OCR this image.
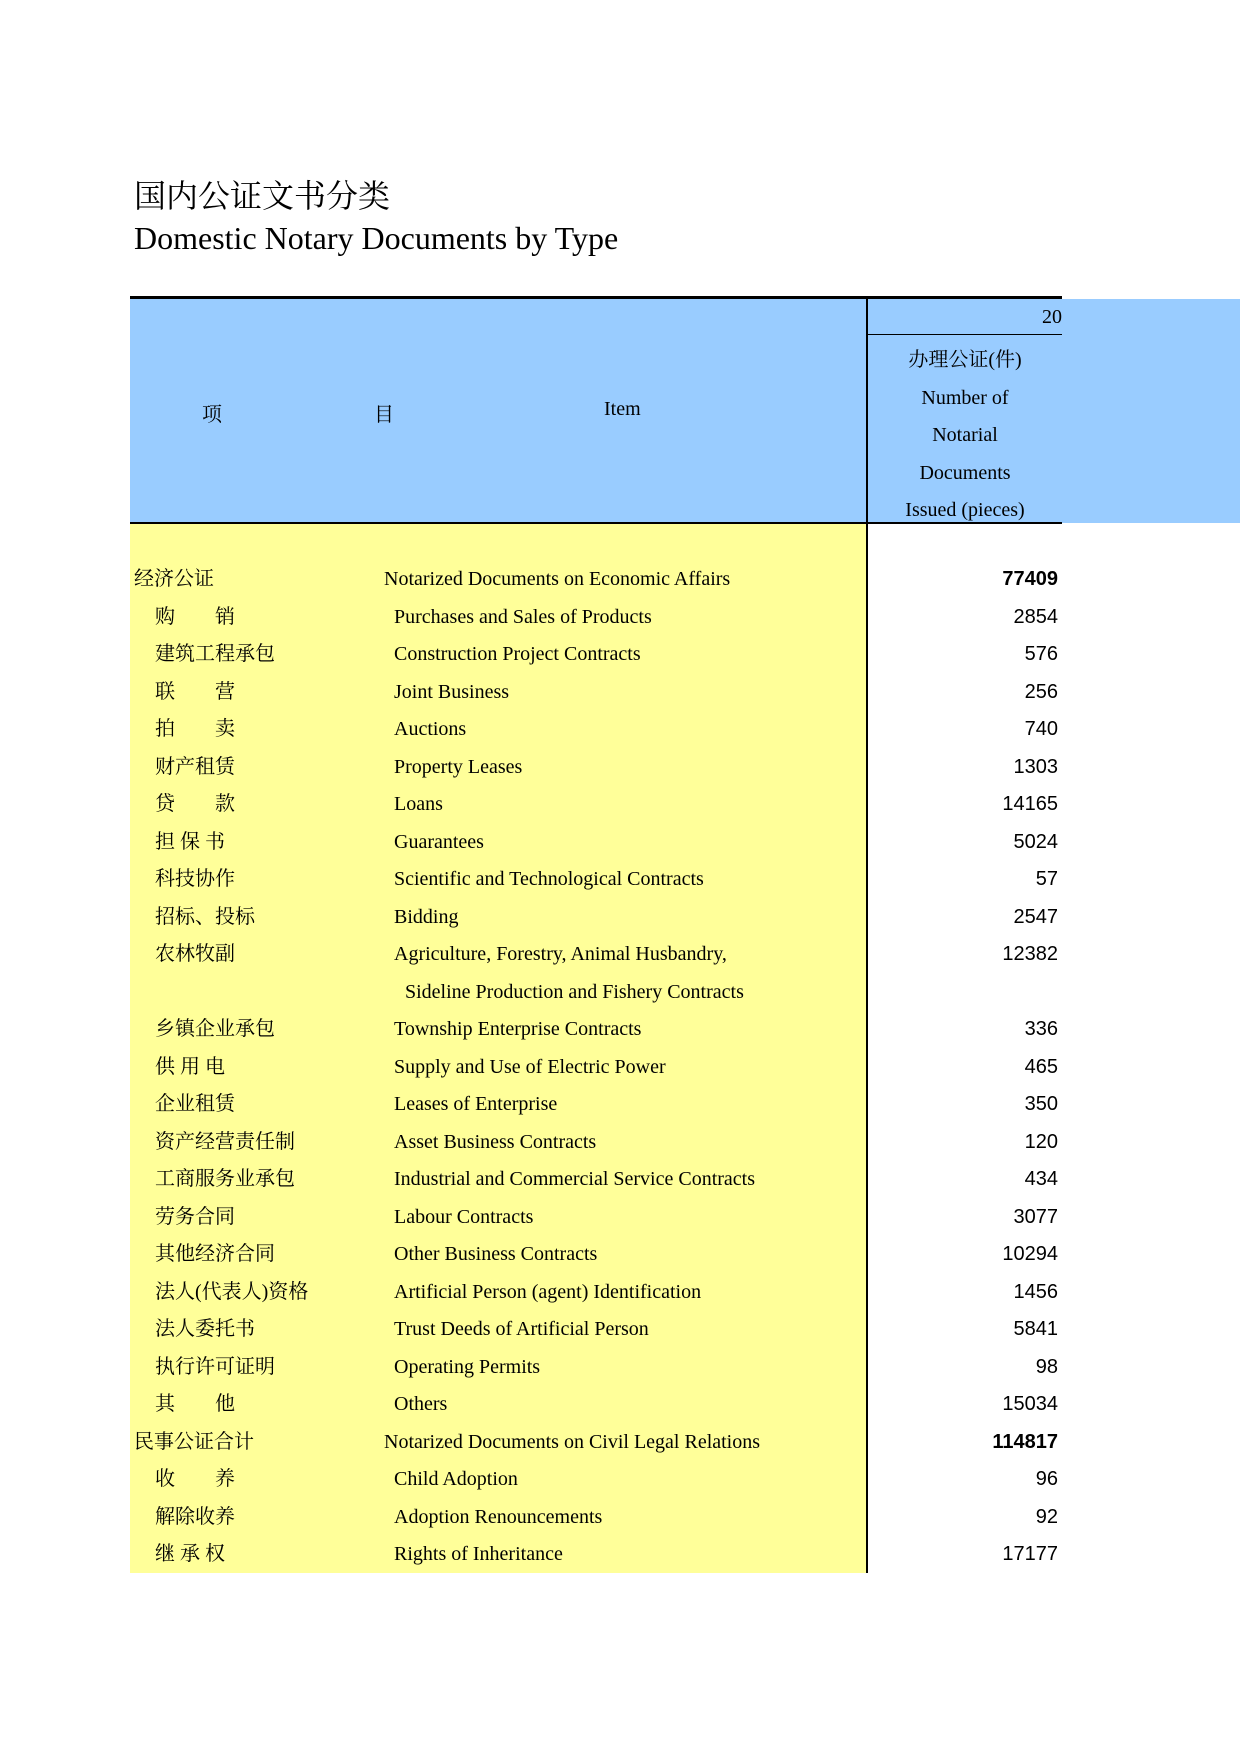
国内公证文书分类
Domestic Notary Documents by Type
项　目	Item
20
办理公证(件)
Number of
Notarial
Documents
Issued (pieces)
经济公证	Notarized Documents on Economic Affairs	77409
购　　销	Purchases and Sales of Products	2854
建筑工程承包	Construction Project Contracts	576
联　　营	Joint Business	256
拍　　卖	Auctions	740
财产租赁	Property Leases	1303
贷　　款	Loans	14165
担 保 书	Guarantees	5024
科技协作	Scientific and Technological Contracts	57
招标、投标	Bidding	2547
农林牧副	Agriculture, Forestry, Animal Husbandry,	12382
Sideline Production and Fishery Contracts
乡镇企业承包	Township Enterprise Contracts	336
供 用 电	Supply and Use of Electric Power	465
企业租赁	Leases of Enterprise	350
资产经营责任制	Asset Business Contracts	120
工商服务业承包	Industrial and Commercial Service Contracts	434
劳务合同	Labour Contracts	3077
其他经济合同	Other Business Contracts	10294
法人(代表人)资格	Artificial Person (agent) Identification	1456
法人委托书	Trust Deeds of Artificial Person	5841
执行许可证明	Operating Permits	98
其　　他	Others	15034
民事公证合计	Notarized Documents on Civil Legal Relations	114817
收　　养	Child Adoption	96
解除收养	Adoption Renouncements	92
继 承 权	Rights of Inheritance	17177
